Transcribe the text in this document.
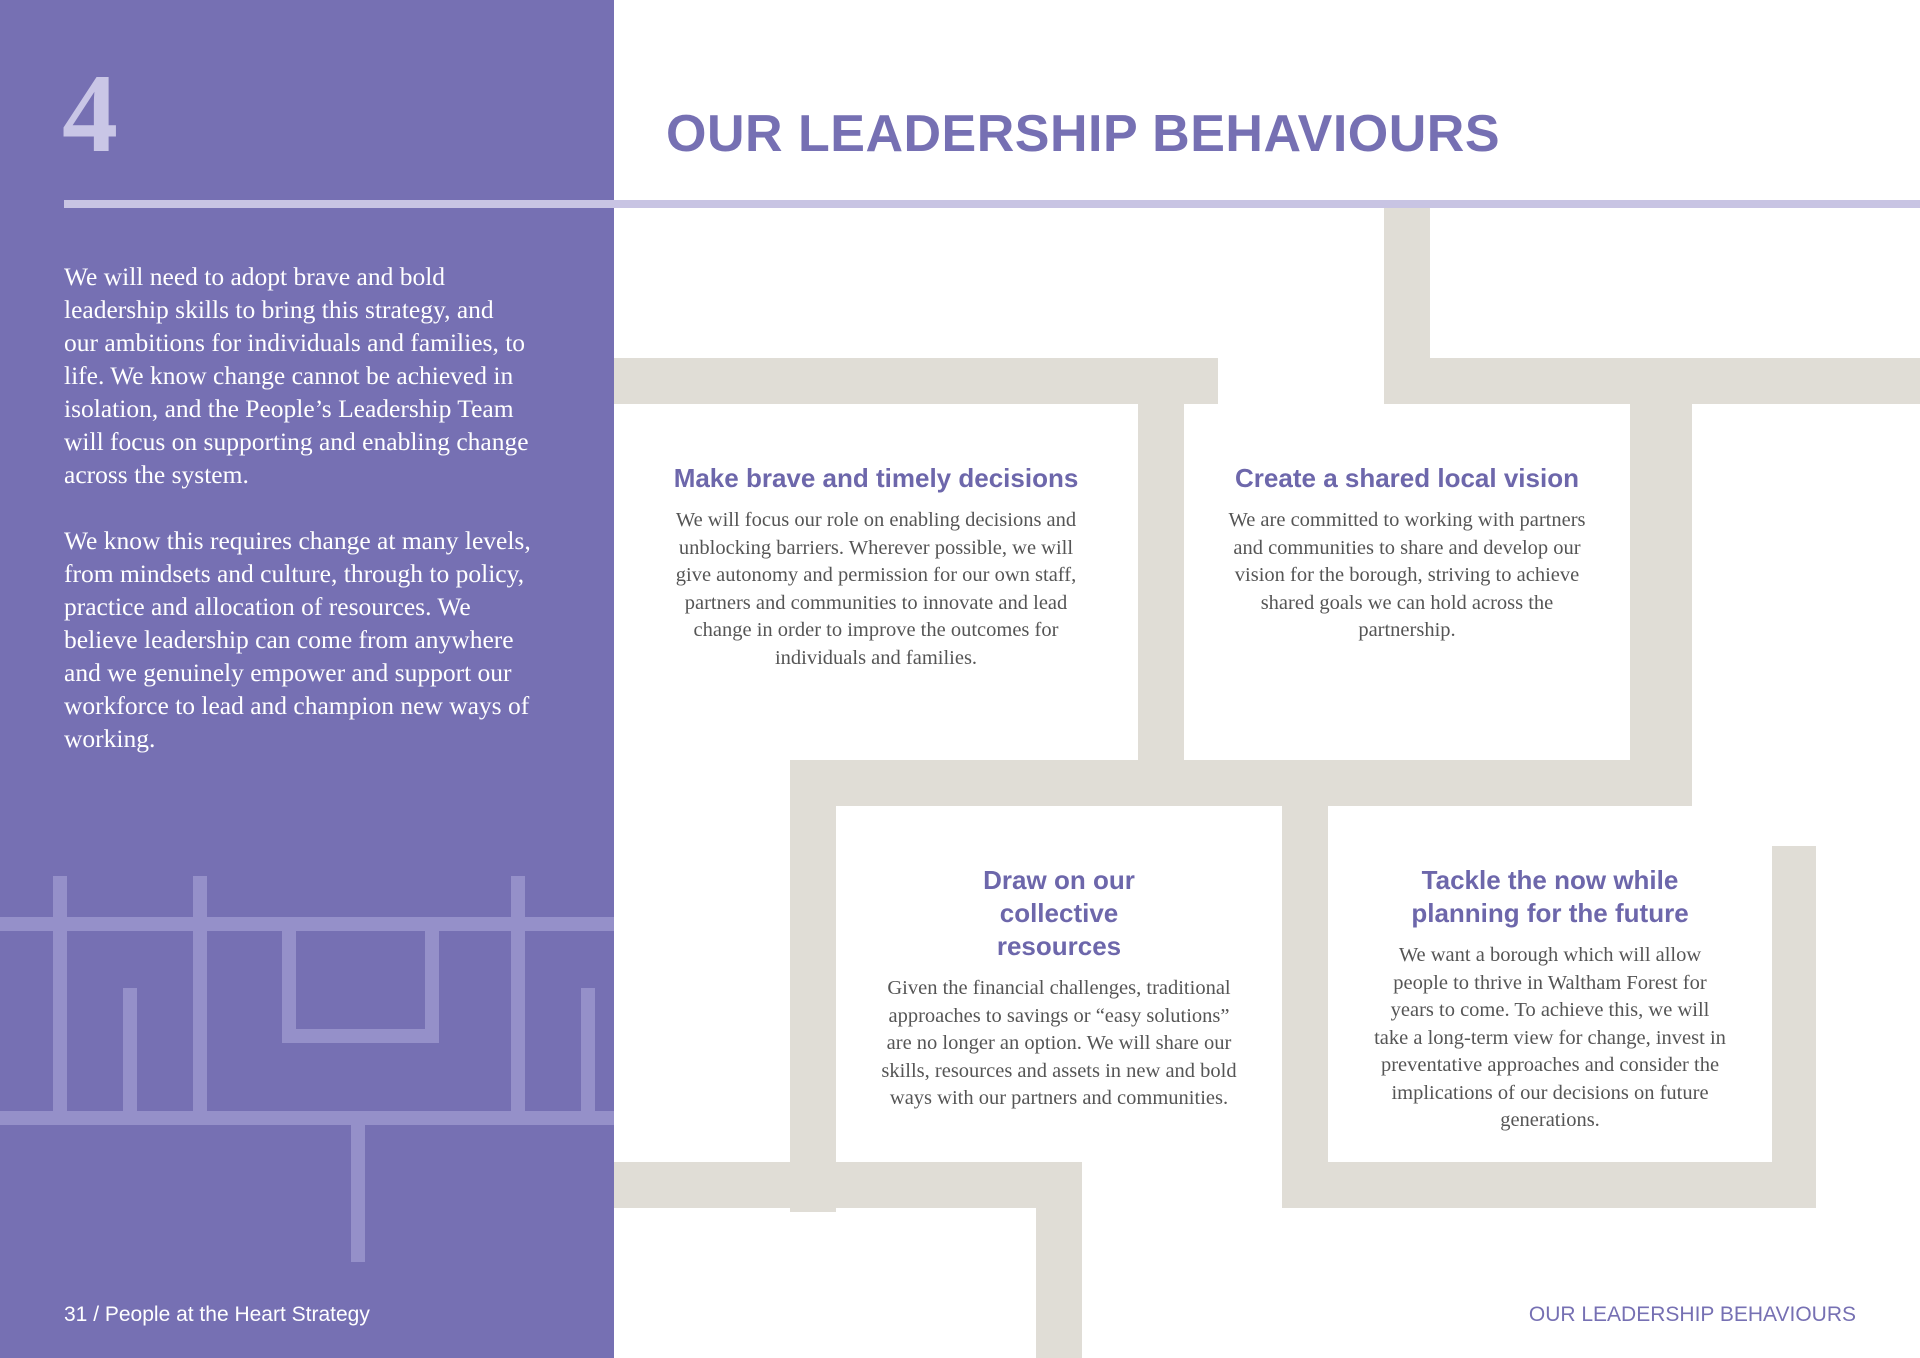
4

We will need to adopt brave and bold leadership skills to bring this strategy, and our ambitions for individuals and families, to life. We know change cannot be achieved in isolation, and the People’s Leadership Team will focus on supporting and enabling change across the system.

We know this requires change at many levels, from mindsets and culture, through to policy, practice and allocation of resources. We believe leadership can come from anywhere and we genuinely empower and support our workforce to lead and champion new ways of working.

31 / People at the Heart Strategy
OUR LEADERSHIP BEHAVIOURS
Make brave and timely decisions

We will focus our role on enabling decisions and unblocking barriers. Wherever possible, we will give autonomy and permission for our own staff, partners and communities to innovate and lead change in order to improve the outcomes for individuals and families.

Create a shared local vision

We are committed to working with partners and communities to share and develop our vision for the borough, striving to achieve shared goals we can hold across the partnership.

Draw on our collective resources

Given the financial challenges, traditional approaches to savings or “easy solutions” are no longer an option. We will share our skills, resources and assets in new and bold ways with our partners and communities.

Tackle the now while planning for the future

We want a borough which will allow people to thrive in Waltham Forest for years to come. To achieve this, we will take a long-term view for change, invest in preventative approaches and consider the implications of our decisions on future generations.

OUR LEADERSHIP BEHAVIOURS
